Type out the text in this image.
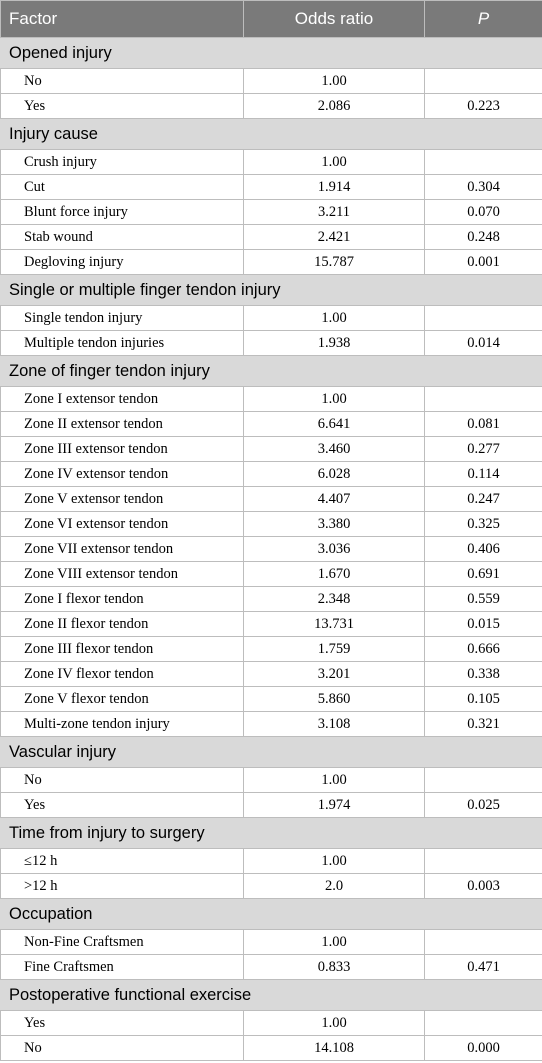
Factor	Odds ratio	P
Opened injury		
No	1.00	
Yes	2.086	0.223
Injury cause		
Crush injury	1.00	
Cut	1.914	0.304
Blunt force injury	3.211	0.070
Stab wound	2.421	0.248
Degloving injury	15.787	0.001
Single or multiple finger tendon injury		
Single tendon injury	1.00	
Multiple tendon injuries	1.938	0.014
Zone of finger tendon injury		
Zone I extensor tendon	1.00	
Zone II extensor tendon	6.641	0.081
Zone III extensor tendon	3.460	0.277
Zone IV extensor tendon	6.028	0.114
Zone V extensor tendon	4.407	0.247
Zone VI extensor tendon	3.380	0.325
Zone VII extensor tendon	3.036	0.406
Zone VIII extensor tendon	1.670	0.691
Zone I flexor tendon	2.348	0.559
Zone II flexor tendon	13.731	0.015
Zone III flexor tendon	1.759	0.666
Zone IV flexor tendon	3.201	0.338
Zone V flexor tendon	5.860	0.105
Multi-zone tendon injury	3.108	0.321
Vascular injury		
No	1.00	
Yes	1.974	0.025
Time from injury to surgery		
≤12 h	1.00	
>12 h	2.0	0.003
Occupation		
Non-Fine Craftsmen	1.00	
Fine Craftsmen	0.833	0.471
Postoperative functional exercise		
Yes	1.00	
No	14.108	0.000
